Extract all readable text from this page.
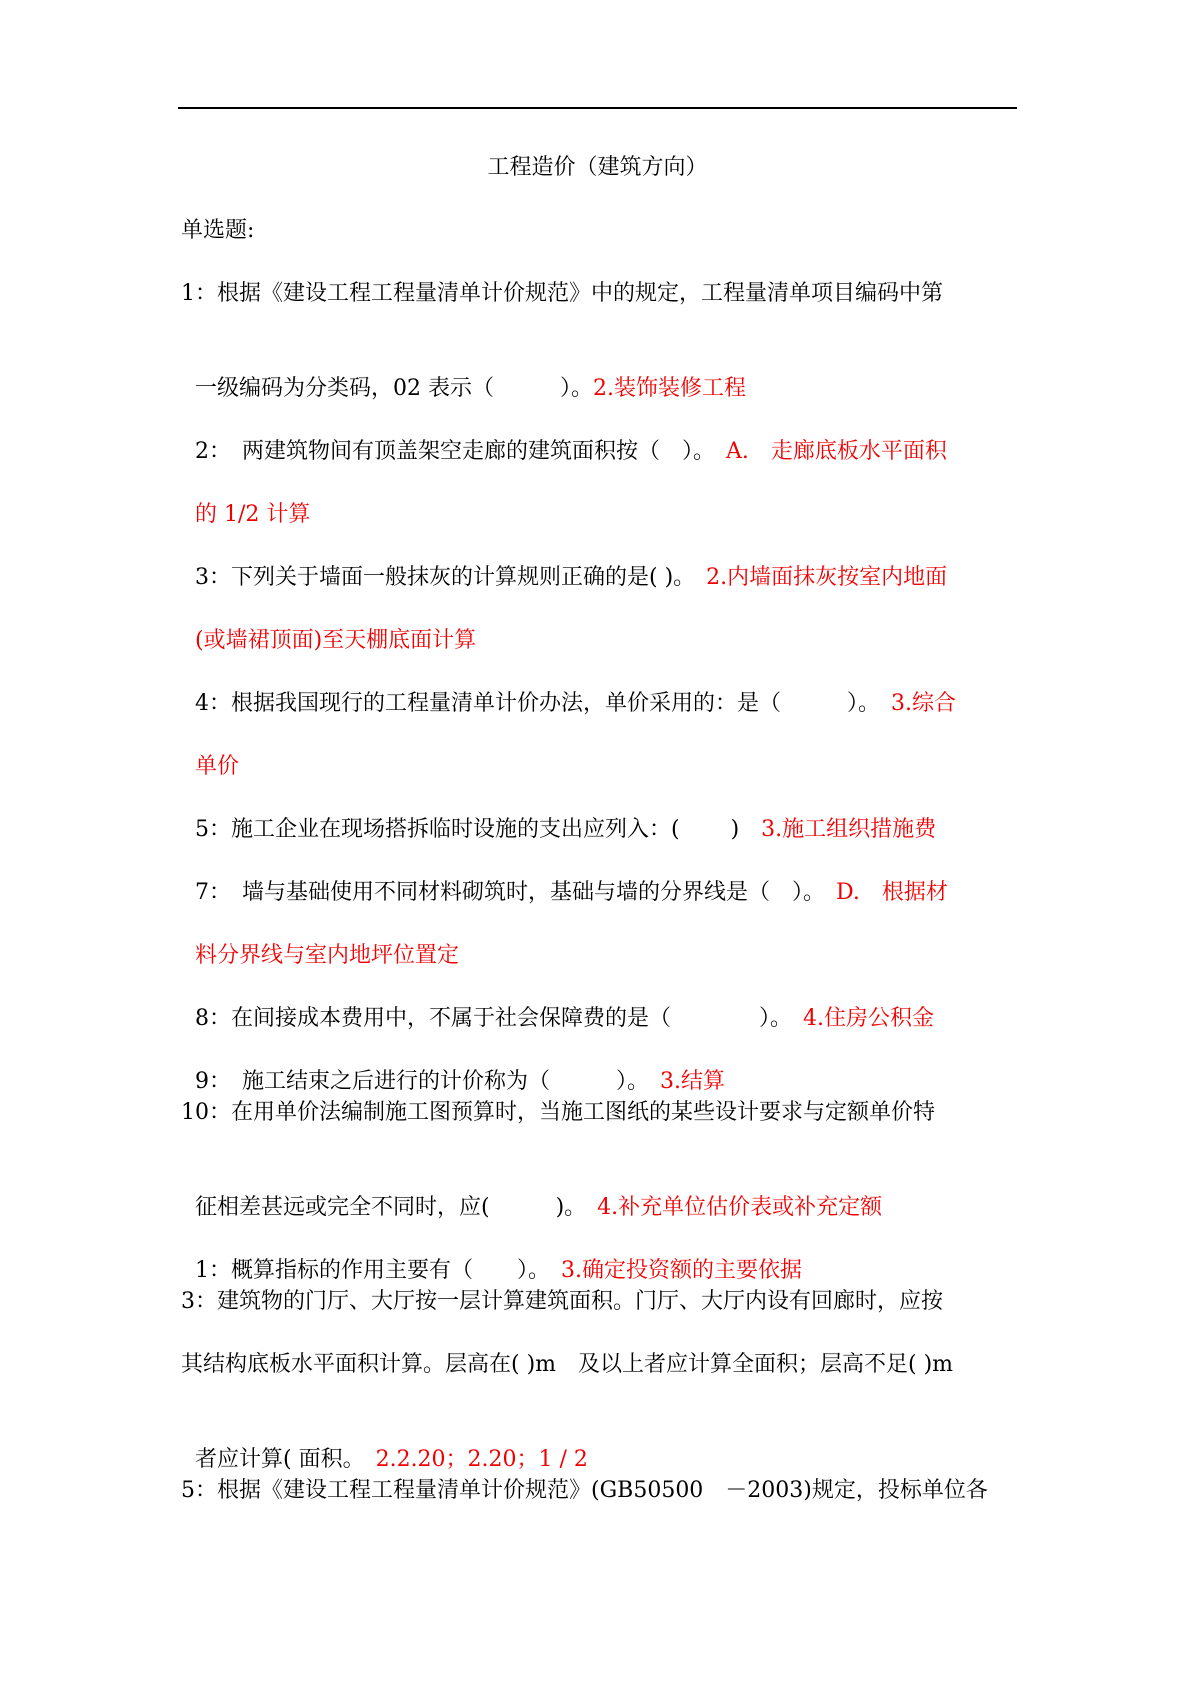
工程造价（建筑方向）
单选题:
1：根据《建设工程工程量清单计价规范》中的规定，工程量清单项目编码中第

一级编码为分类码，02 表示（　　　）。2.装饰装修工程

2：　两建筑物间有顶盖架空走廊的建筑面积按（　）。　A.　走廊底板水平面积

的 1/2 计算

3：下列关于墙面一般抹灰的计算规则正确的是( )。　2.内墙面抹灰按室内地面

(或墙裙顶面)至天棚底面计算

4：根据我国现行的工程量清单计价办法，单价采用的：是（　　　）。　3.综合

单价

5：施工企业在现场搭拆临时设施的支出应列入：(　　 )　3.施工组织措施费

7：　墙与基础使用不同材料砌筑时，基础与墙的分界线是（　）。　D.　根据材

料分界线与室内地坪位置定

8：在间接成本费用中，不属于社会保障费的是（　　　　）。　4.住房公积金

9：　施工结束之后进行的计价称为（　　　）。　3.结算

10：在用单价法编制施工图预算时，当施工图纸的某些设计要求与定额单价特

征相差甚远或完全不同时，应(　　　)。　4.补充单位估价表或补充定额

1：概算指标的作用主要有（　　）。　3.确定投资额的主要依据

3：建筑物的门厅、大厅按一层计算建筑面积。门厅、大厅内设有回廊时，应按
其结构底板水平面积计算。层高在( )m　及以上者应计算全面积；层高不足( )m

者应计算( 面积。　2.2.20；2.20；1 / 2

5：根据《建设工程工程量清单计价规范》(GB50500　－2003)规定，投标单位各
